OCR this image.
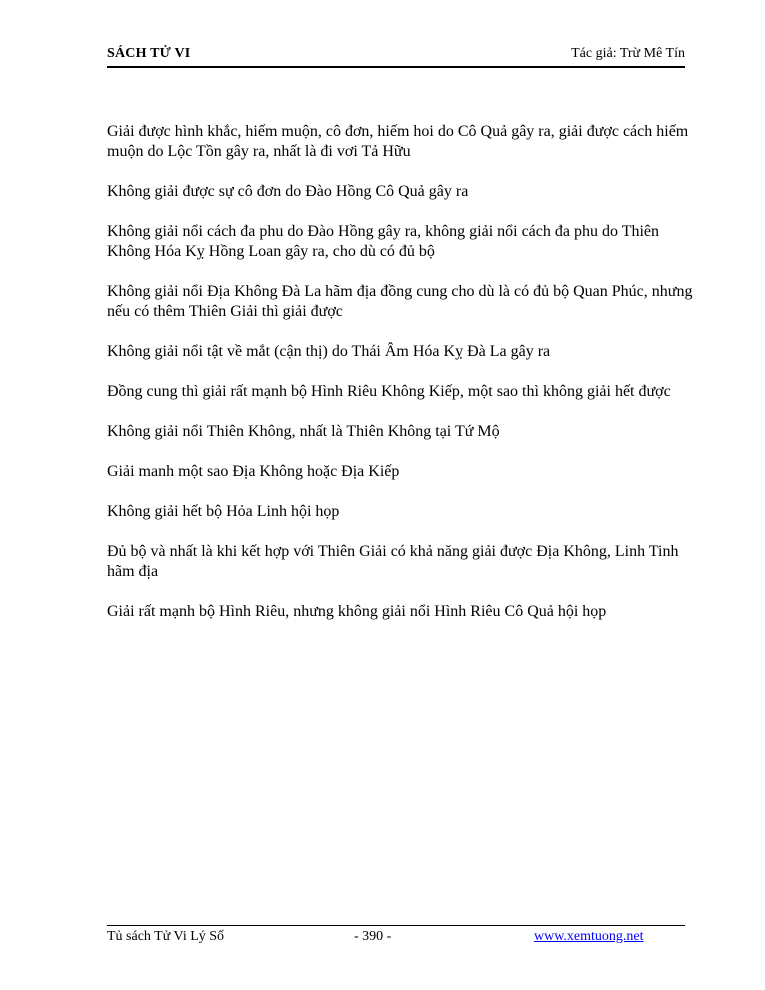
SÁCH TỬ VI	Tác giả: Trừ Mê Tín

Giải được hình khắc, hiếm muộn, cô đơn, hiếm hoi do Cô Quả gây ra, giải được cách hiếm muộn do Lộc Tồn gây ra, nhất là đi vơi Tả Hữu

Không giải được sự cô đơn do Đào Hồng Cô Quả gây ra

Không giải nổi cách đa phu do Đào Hồng gây ra, không giải nổi cách đa phu do Thiên Không Hóa Kỵ Hồng Loan gây ra, cho dù có đủ bộ

Không giải nổi Địa Không Đà La hãm địa đồng cung cho dù là có đủ bộ Quan Phúc, nhưng nếu có thêm Thiên Giải thì giải được

Không giải nổi tật về mắt (cận thị) do Thái Âm Hóa Kỵ Đà La gây ra

Đồng cung thì giải rất mạnh bộ Hình Riêu Không Kiếp, một sao thì không giải hết được

Không giải nổi Thiên Không, nhất là Thiên Không tại Tứ Mộ

Giải manh một sao Địa Không hoặc Địa Kiếp

Không giải hết bộ Hỏa Linh hội họp

Đủ bộ và nhất là khi kết hợp với Thiên Giải có khả năng giải được Địa Không, Linh Tinh hãm địa

Giải rất mạnh bộ Hình Riêu, nhưng không giải nổi Hình Riêu Cô Quả hội họp

Tủ sách Tử Vi Lý Số	- 390 -	www.xemtuong.net
